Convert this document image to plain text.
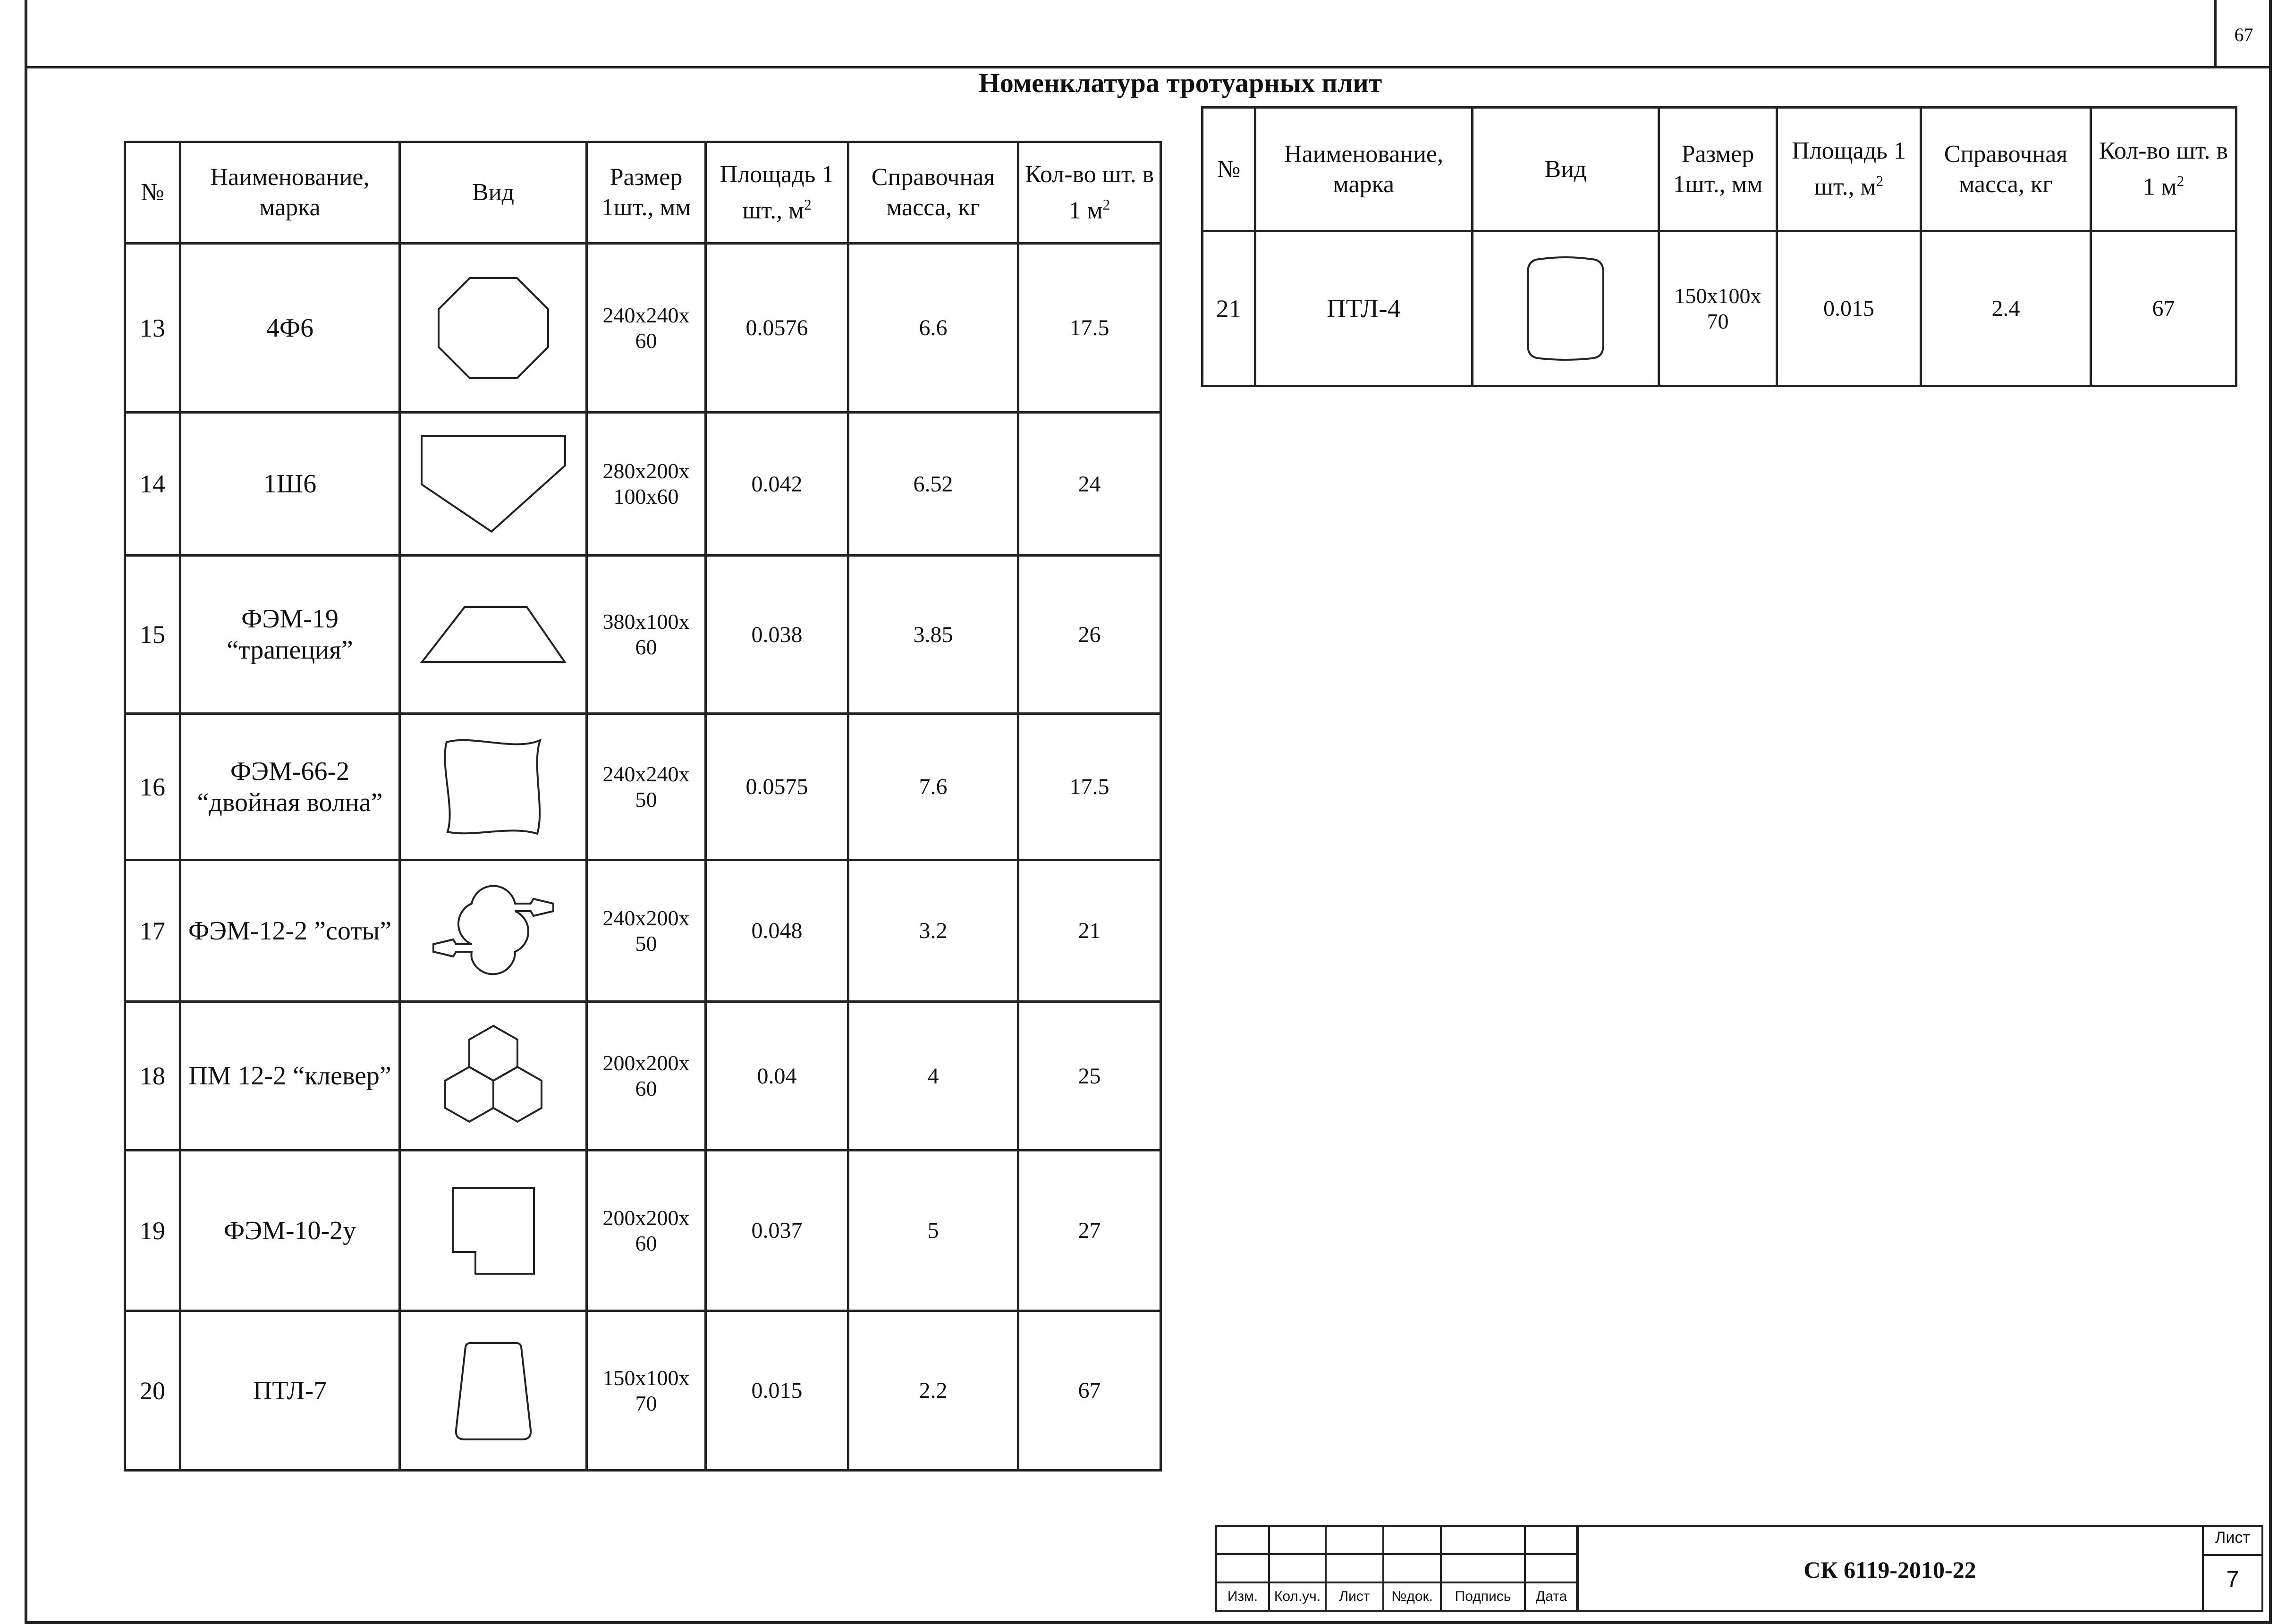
67
Номенклатура тротуарных плит
№	Наименование, марка	Вид	Размер 1шт., мм	Площадь 1 шт., $м^2$	Справочная масса, кг	Кол-во шт. в 1 $м^2$
13	4Ф6		240x240x 60	0.0576	6.6	17.5
14	1Ш6		280x200x 100x60	0.042	6.52	24
15	ФЭМ-19 “трапеция”		380x100x 60	0.038	3.85	26
16	ФЭМ-66-2 “двойная волна”		240x240x 50	0.0575	7.6	17.5
17	ФЭМ-12-2 ”соты”		240x200x 50	0.048	3.2	21
18	ПМ 12-2 “клевер”		200x200x 60	0.04	4	25
19	ФЭМ-10-2у		200x200x 60	0.037	5	27
20	ПТЛ-7		150x100x 70	0.015	2.2	67
№	Наименование, марка	Вид	Размер 1шт., мм	Площадь 1 шт., $м^2$	Справочная масса, кг	Кол-во шт. в 1 $м^2$
21	ПТЛ-4		150x100x 70	0.015	2.4	67

Изм.	Кол.уч.	Лист	№док.	Подпись	Дата
СК 6119-2010-22
Лист
7
